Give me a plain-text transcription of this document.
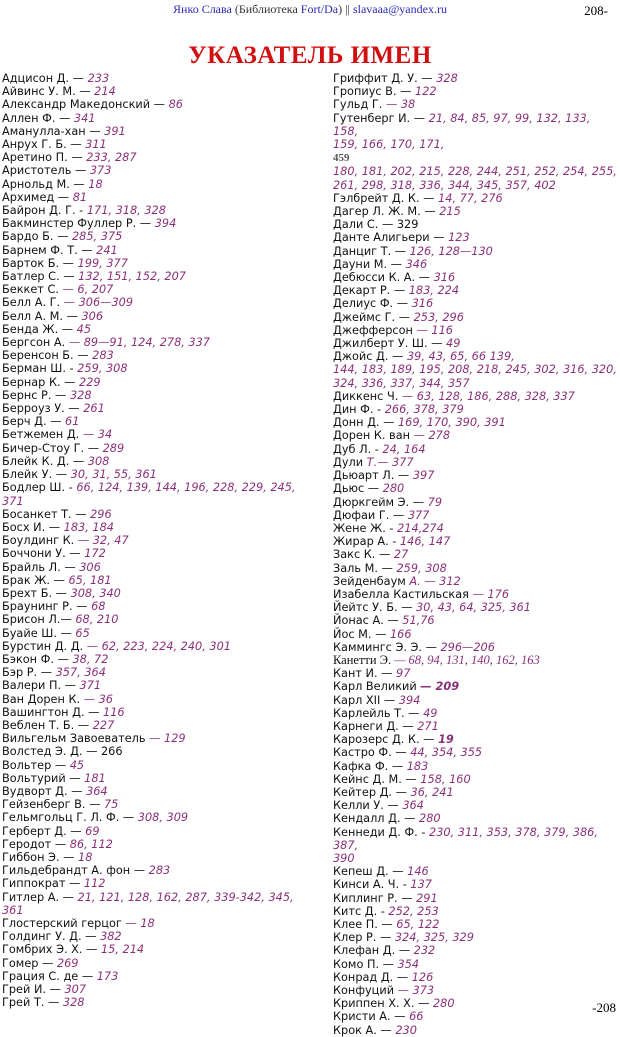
Янко Слава (Библиотека Fort/Da) || slavaaa@yandex.ru	208-
УКАЗАТЕЛЬ ИМЕН
Адцисон Д. — 233
Айвинс У. М. — 214
Александр Македонский — 86
Аллен Ф. — 341
Аманулла-хан — 391
Анрух Г. Б. — 311
Аретино П. — 233, 287
Аристотель — 373
Арнольд М. — 18
Архимед — 81
Байрон Д. Г. - 171, 318, 328
Бакминстер Фуллер Р. — 394
Бардо Б. — 285, 375
Барнем Ф. Т. — 241
Барток Б. — 199, 377
Батлер С. — 132, 151, 152, 207
Беккет С. — 6, 207
Белл А. Г. — 306—309
Белл А. М. — 306
Бенда Ж. — 45
Бергсон А. — 89—91, 124, 278, 337
Беренсон Б. — 283
Берман Ш. - 259, 308
Бернар К. — 229
Бернс Р. — 328
Берроуз У. — 261
Берч Д. — 61
Бетжемен Д. — 34
Бичер-Стоу Г. — 289
Блейк К. Д. — 308
Блейк У. — 30, 31, 55, 361
Бодлер Ш. - 66, 124, 139, 144, 196, 228, 229, 245,
371
Босанкет Т. — 296
Босх И. — 183, 184
Боулдинг К. — 32, 47
Боччони У. — 172
Брайль Л. — 306
Брак Ж. — 65, 181
Брехт Б. — 308, 340
Браунинг Р. — 68
Брисон Л.— 68, 210
Буайе Ш. — 65
Бурстин Д. Д. — 62, 223, 224, 240, 301
Бэкон Ф. — 38, 72
Бэр Р. — 357, 364
Валери П. — 371
Ван Дорен К. — 36
Вашингтон Д. — 116
Веблен Т. Б. — 227
Вильгельм Завоеватель — 129
Волстед Э. Д. — 266
Вольтер — 45
Вольтурий — 181
Вудворт Д. — 364
Гейзенберг В. — 75
Гельмгольц Г. Л. Ф. — 308, 309
Герберт Д. — 69
Геродот — 86, 112
Гиббон Э. — 18
Гильдебрандт А. фон — 283
Гиппократ — 112
Гитлер А. — 21, 121, 128, 162, 287, 339-342, 345,
361
Глостерский герцог — 18
Голдинг У. Д. — 382
Гомбрих Э. Х. — 15, 214
Гомер — 269
Грация С. де — 173
Грей И. — 307
Грей Т. — 328
Гриффит Д. У. — 328
Гропиус В. — 122
Гульд Г. — 38
Гутенберг И. — 21, 84, 85, 97, 99, 132, 133, 158,
159, 166, 170, 171,
459
180, 181, 202, 215, 228, 244, 251, 252, 254, 255,
261, 298, 318, 336, 344, 345, 357, 402
Гэлбрейт Д. К. — 14, 77, 276
Дагер Л. Ж. М. — 215
Дали С. — 329
Данте Алигьери — 123
Данциг Т. — 126, 128—130
Дауни М. — 346
Дебюсси К. А. — 316
Декарт Р. — 183, 224
Делиус Ф. — 316
Джеймс Г. — 253, 296
Джефферсон — 116
Джилберт У. Ш. — 49
Джойс Д. — 39, 43, 65, 66 139,
144, 183, 189, 195, 208, 218, 245, 302, 316, 320,
324, 336, 337, 344, 357
Диккенс Ч. — 63, 128, 186, 288, 328, 337
Дин Ф. - 266, 378, 379
Донн Д. — 169, 170, 390, 391
Дорен К. ван — 278
Дуб Л. - 24, 164
Дули Т.— 377
Дьюарт Л. — 397
Дьюс — 280
Дюркгейм Э. — 79
Дюфаи Г. — 377
Жене Ж. - 214,274
Жирар А. - 146, 147
Закс К. — 27
Заль М. — 259, 308
Зейденбаум А. — 312
Изабелла Кастильская — 176
Йейтс У. Б. — 30, 43, 64, 325, 361
Йонас А. — 51,76
Йос М. — 166
Каммингс Э. Э. — 296—206
Канетти Э. — 68, 94, 131, 140, 162, 163
Кант И. — 97
Карл Великий — 209
Карл XII — 394
Карлейль Т. — 49
Карнеги Д. — 271
Карозерс Д. К. — 19
Кастро Ф. — 44, 354, 355
Кафка Ф. — 183
Кейнс Д. М. — 158, 160
Кейтер Д. — 36, 241
Келли У. — 364
Кендалл Д. — 280
Кеннеди Д. Ф. - 230, 311, 353, 378, 379, 386, 387,
390
Кепеш Д. — 146
Кинси А. Ч. - 137
Киплинг Р. — 291
Китс Д. - 252, 253
Клее П. — 65, 122
Клер Р. — 324, 325, 329
Клефан Д. — 232
Комо П. — 354
Конрад Д. — 126
Конфуций — 373
Криппен Х. Х. — 280
Кристи А. — 66
Крок А. — 230
-208
